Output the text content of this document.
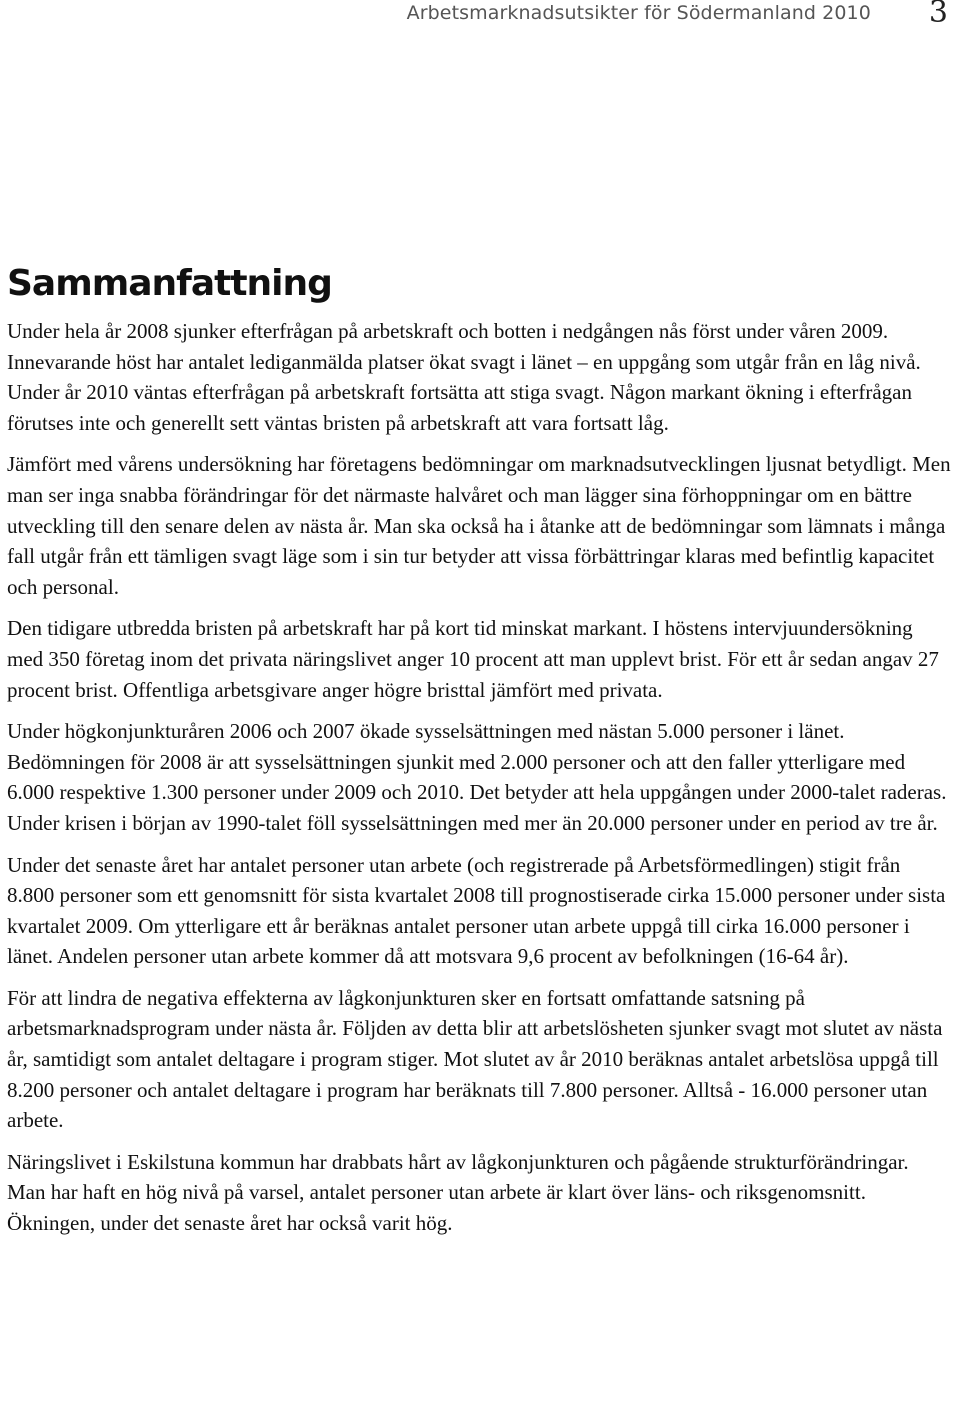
Arbetsmarknadsutsikter för Södermanland 2010 3
Sammanfattning

Under hela år 2008 sjunker efterfrågan på arbetskraft och botten i nedgången nås först under våren 2009. Innevarande höst har antalet lediganmälda platser ökat svagt i länet – en uppgång som utgår från en låg nivå. Under år 2010 väntas efterfrågan på arbetskraft fortsätta att stiga svagt. Någon markant ökning i efterfrågan förutses inte och generellt sett väntas bristen på arbetskraft att vara fortsatt låg.

Jämfört med vårens undersökning har företagens bedömningar om marknadsutvecklingen ljusnat betydligt. Men man ser inga snabba förändringar för det närmaste halvåret och man lägger sina förhoppningar om en bättre utveckling till den senare delen av nästa år. Man ska också ha i åtanke att de bedömningar som lämnats i många fall utgår från ett tämligen svagt läge som i sin tur betyder att vissa förbättringar klaras med befintlig kapacitet och personal.

Den tidigare utbredda bristen på arbetskraft har på kort tid minskat markant. I höstens intervjuundersökning med 350 företag inom det privata näringslivet anger 10 procent att man upplevt brist. För ett år sedan angav 27 procent brist. Offentliga arbetsgivare anger högre bristtal jämfört med privata.

Under högkonjunkturåren 2006 och 2007 ökade sysselsättningen med nästan 5.000 personer i länet. Bedömningen för 2008 är att sysselsättningen sjunkit med 2.000 personer och att den faller ytterligare med 6.000 respektive 1.300 personer under 2009 och 2010. Det betyder att hela uppgången under 2000-talet raderas. Under krisen i början av 1990-talet föll sysselsättningen med mer än 20.000 personer under en period av tre år.

Under det senaste året har antalet personer utan arbete (och registrerade på Arbetsförmedlingen) stigit från 8.800 personer som ett genomsnitt för sista kvartalet 2008 till prognostiserade cirka 15.000 personer under sista kvartalet 2009. Om ytterligare ett år beräknas antalet personer utan arbete uppgå till cirka 16.000 personer i länet. Andelen personer utan arbete kommer då att motsvara 9,6 procent av befolkningen (16-64 år).

För att lindra de negativa effekterna av lågkonjunkturen sker en fortsatt omfattande satsning på arbetsmarknadsprogram under nästa år. Följden av detta blir att arbetslösheten sjunker svagt mot slutet av nästa år, samtidigt som antalet deltagare i program stiger. Mot slutet av år 2010 beräknas antalet arbetslösa uppgå till 8.200 personer och antalet deltagare i program har beräknats till 7.800 personer. Alltså - 16.000 personer utan arbete.

Näringslivet i Eskilstuna kommun har drabbats hårt av lågkonjunkturen och pågående strukturförändringar. Man har haft en hög nivå på varsel, antalet personer utan arbete är klart över läns- och riksgenomsnitt. Ökningen, under det senaste året har också varit hög.
